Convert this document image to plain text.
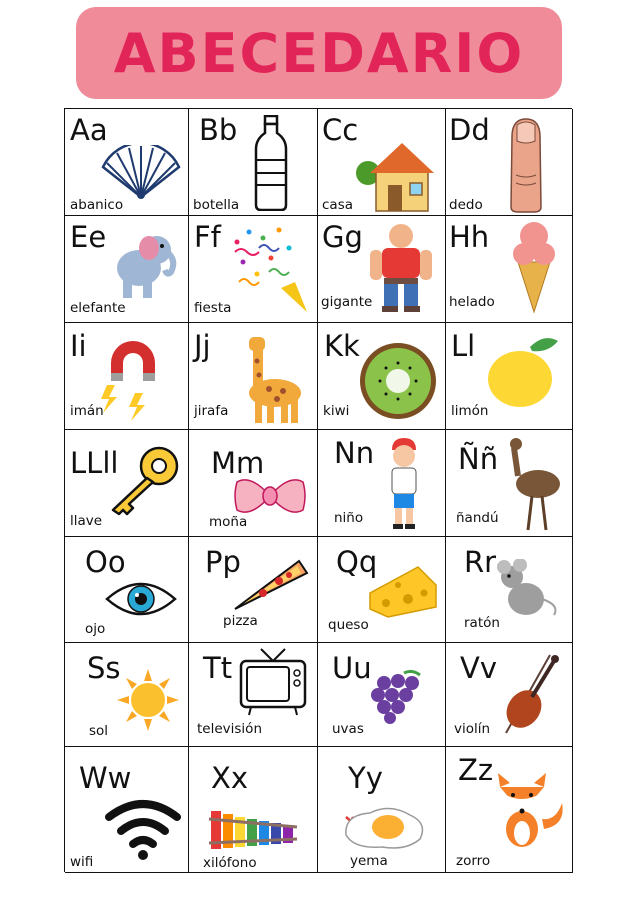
ABECEDARIO
Aa
abanico
Bb
botella
Cc
casa
Dd
dedo
Ee
elefante
Ff
fiesta
Gg
gigante
Hh
helado
Ii
imán
Jj
jirafa
Kk
kiwi
Ll
limón
LLll
llave
Mm
moña
Nn
niño
Ññ
ñandú
Oo
ojo
Pp
pizza
Qq
queso
Rr
ratón
Ss
sol
Tt
televisión
Uu
uvas
Vv
violín
Ww
wifi
Xx
xilófono
Yy
yema
Zz
zorro
